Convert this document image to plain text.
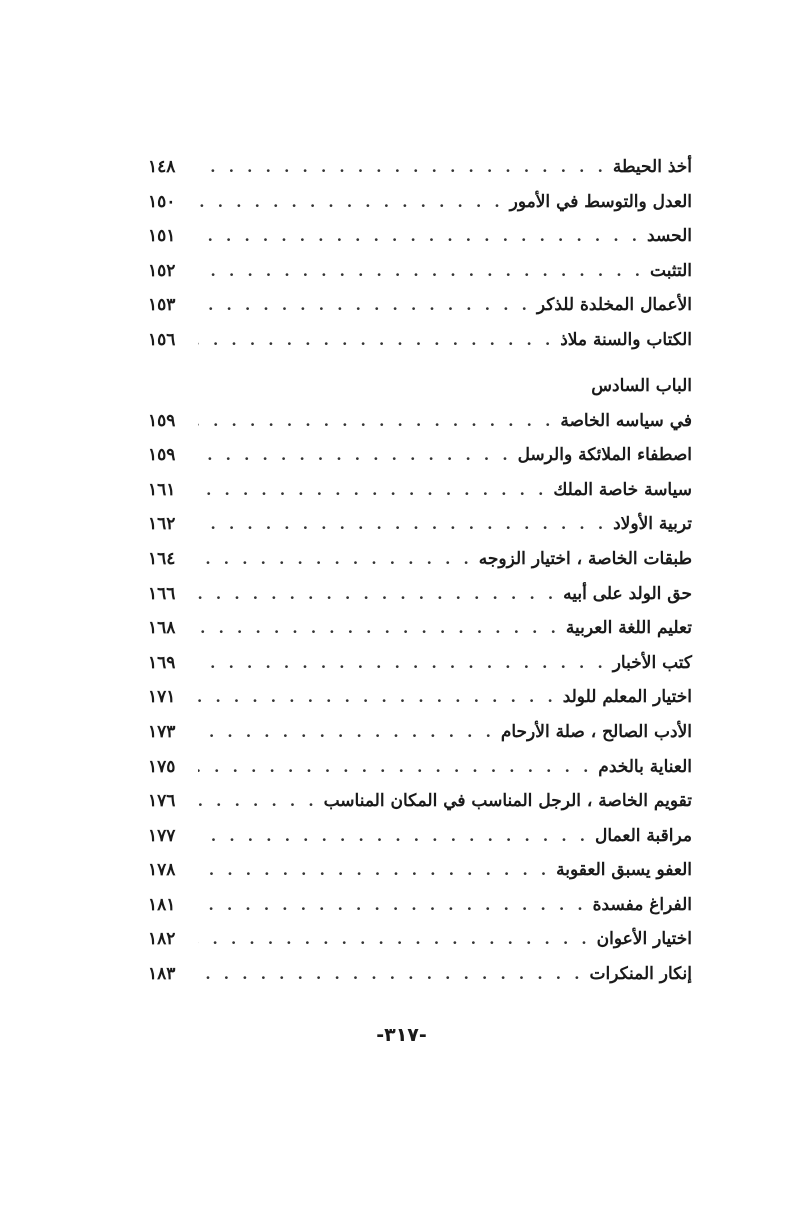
أخذ الحيطة
. . .
١٤٨
العدل والتوسط في الأمور
. . .
١٥٠
الحسد
. . .
١٥١
التثبت
. . .
١٥٢
الأعمال المخلدة للذكر
. . .
١٥٣
الكتاب والسنة ملاذ
. . .
١٥٦
الباب السادس
في سياسه الخاصة
. . .
١٥٩
اصطفاء الملائكة والرسل
. . .
١٥٩
سياسة خاصة الملك
. . .
١٦١
تربية الأولاد
. . .
١٦٢
طبقات الخاصة ، اختيار الزوجه
. . .
١٦٤
حق الولد على أبيه
. . .
١٦٦
تعليم اللغة العربية
. . .
١٦٨
كتب الأخبار
. . .
١٦٩
اختيار المعلم للولد
. . .
١٧١
الأدب الصالح ، صلة الأرحام
. . .
١٧٣
العناية بالخدم
. . .
١٧٥
تقويم الخاصة ، الرجل المناسب في المكان المناسب
. . .
١٧٦
مراقبة العمال
. . .
١٧٧
العفو يسبق العقوبة
. . .
١٧٨
الفراغ مفسدة
. . .
١٨١
اختيار الأعوان
. . .
١٨٢
إنكار المنكرات
. . .
١٨٣
-٣١٧-
